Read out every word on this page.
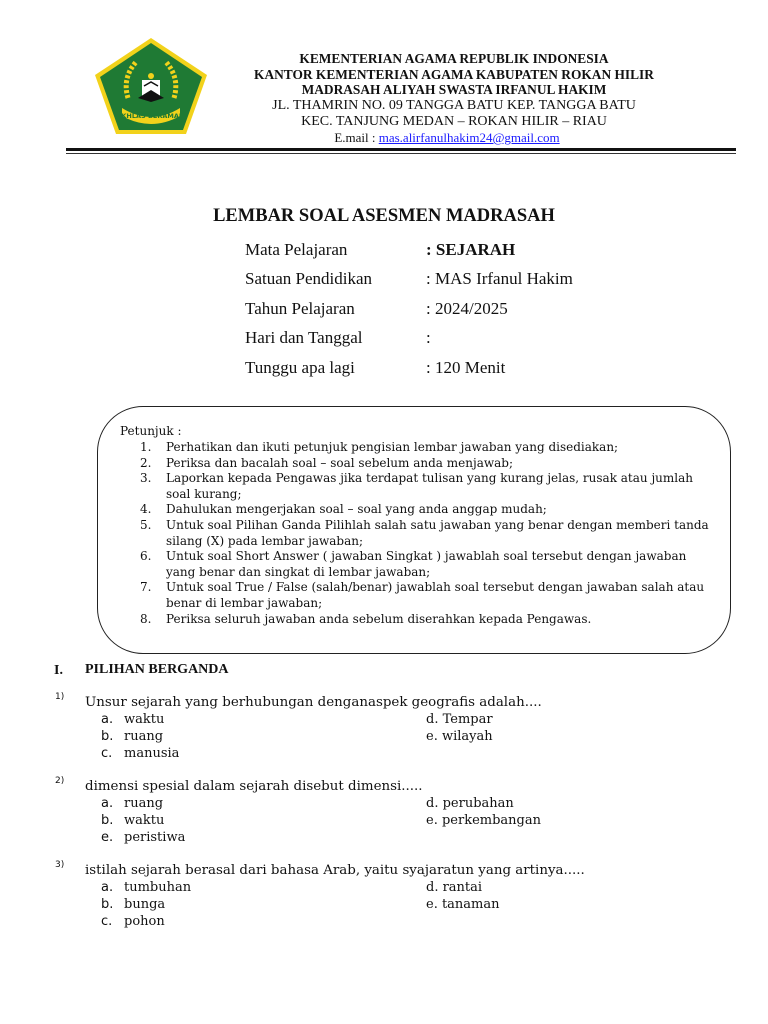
IKHLAS BERAMAL
KEMENTERIAN AGAMA REPUBLIK INDONESIA
KANTOR KEMENTERIAN AGAMA KABUPATEN ROKAN HILIR
MADRASAH ALIYAH SWASTA IRFANUL HAKIM
JL. THAMRIN NO. 09 TANGGA BATU KEP. TANGGA BATU
KEC. TANJUNG MEDAN – ROKAN HILIR – RIAU
E.mail : mas.alirfanulhakim24@gmail.com
LEMBAR SOAL ASESMEN MADRASAH
Mata Pelajaran	: SEJARAH
Satuan Pendidikan	: MAS Irfanul Hakim
Tahun Pelajaran	: 2024/2025
Hari dan Tanggal	:
Tunggu apa lagi	: 120 Menit
Petunjuk :
1. Perhatikan dan ikuti petunjuk pengisian lembar jawaban yang disediakan;
2. Periksa dan bacalah soal – soal sebelum anda menjawab;
3. Laporkan kepada Pengawas jika terdapat tulisan yang kurang jelas, rusak atau jumlah soal kurang;
4. Dahulukan mengerjakan soal – soal yang anda anggap mudah;
5. Untuk soal Pilihan Ganda Pilihlah salah satu jawaban yang benar dengan memberi tanda silang (X) pada lembar jawaban;
6. Untuk soal Short Answer ( jawaban Singkat ) jawablah soal tersebut dengan jawaban yang benar dan singkat di lembar jawaban;
7. Untuk soal True / False (salah/benar) jawablah soal tersebut dengan jawaban salah atau benar di lembar jawaban;
8. Periksa seluruh jawaban anda sebelum diserahkan kepada Pengawas.
I. PILIHAN BERGANDA
1) Unsur sejarah yang berhubungan denganaspek geografis adalah....
a. waktu	d. Tempar
b. ruang	e. wilayah
c. manusia
2) dimensi spesial dalam sejarah disebut dimensi.....
a. ruang	d. perubahan
b. waktu	e. perkembangan
e. peristiwa
3) istilah sejarah berasal dari bahasa Arab, yaitu syajaratun yang artinya.....
a. tumbuhan	d. rantai
b. bunga	e. tanaman
c. pohon
